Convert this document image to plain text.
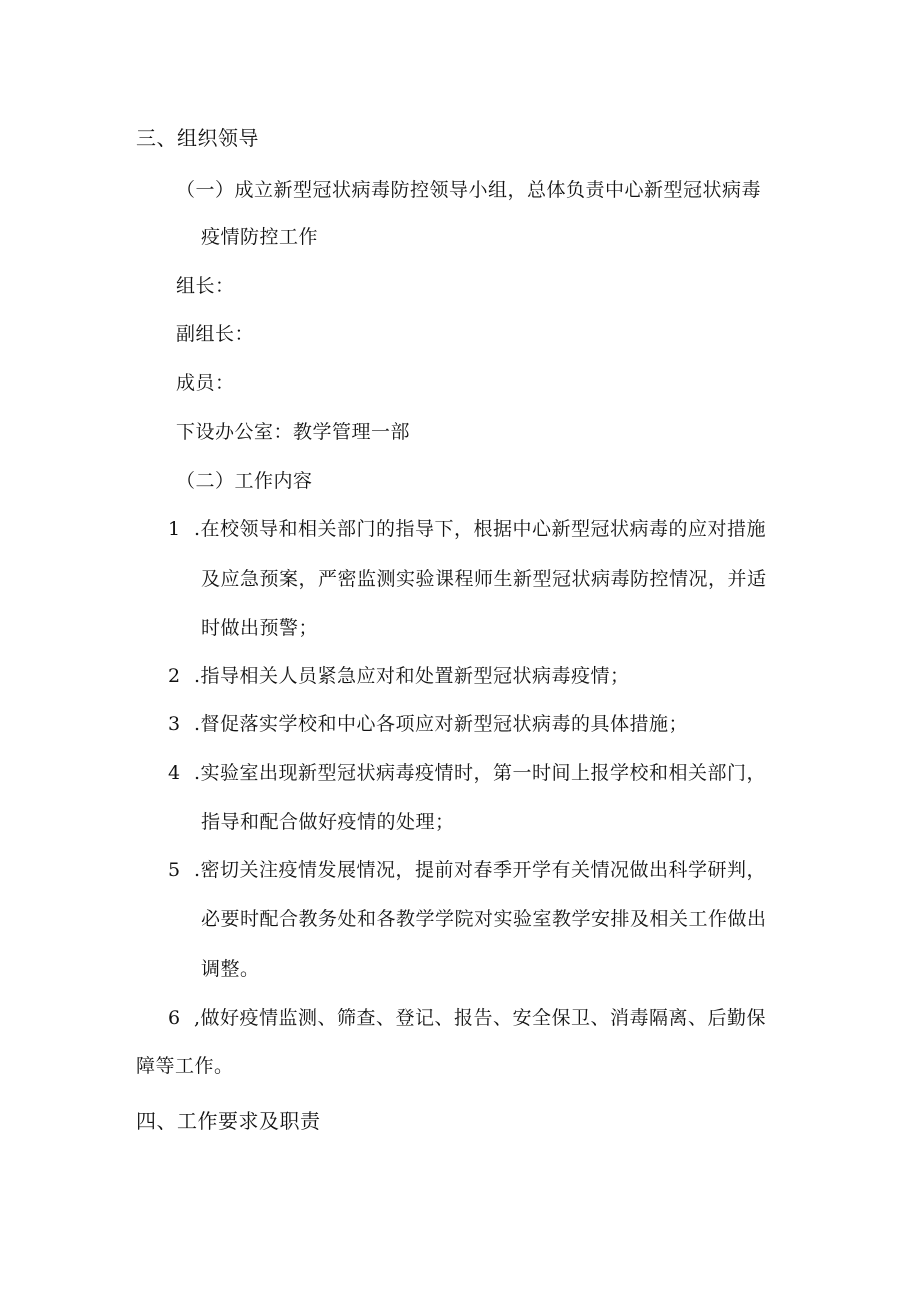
三、组织领导
（一）成立新型冠状病毒防控领导小组，总体负责中心新型冠状病毒
疫情防控工作
组长：
副组长：
成员：
下设办公室：教学管理一部
（二）工作内容
1 .在校领导和相关部门的指导下，根据中心新型冠状病毒的应对措施
及应急预案，严密监测实验课程师生新型冠状病毒防控情况，并适
时做出预警；
2 .指导相关人员紧急应对和处置新型冠状病毒疫情；
3 .督促落实学校和中心各项应对新型冠状病毒的具体措施；
4 .实验室出现新型冠状病毒疫情时，第一时间上报学校和相关部门，
指导和配合做好疫情的处理；
5 .密切关注疫情发展情况，提前对春季开学有关情况做出科学研判，
必要时配合教务处和各教学学院对实验室教学安排及相关工作做出
调整。
6 ,做好疫情监测、筛查、登记、报告、安全保卫、消毒隔离、后勤保
障等工作。
四、工作要求及职责
